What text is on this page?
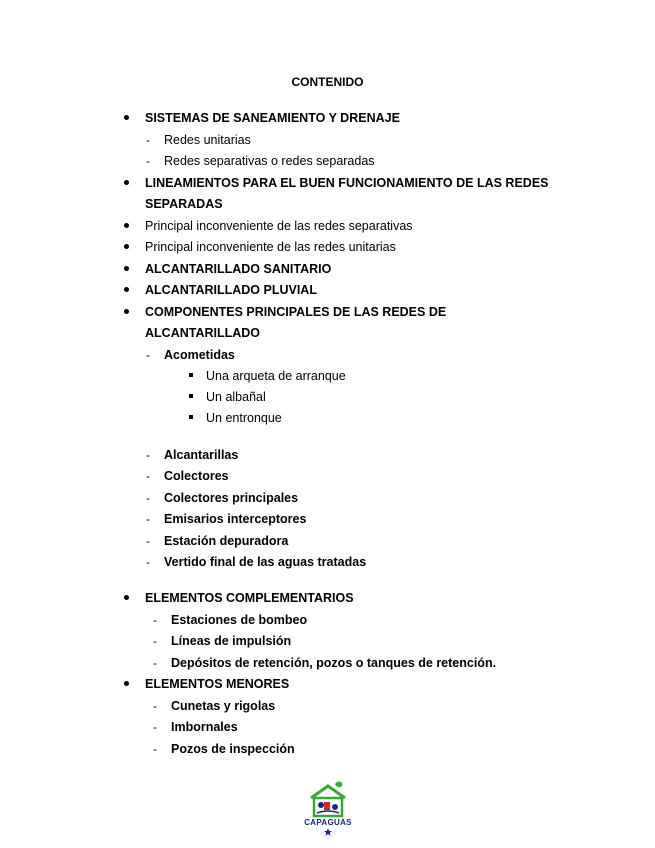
CONTENIDO
SISTEMAS DE SANEAMIENTO Y DRENAJE
- Redes unitarias
- Redes separativas o redes separadas
LINEAMIENTOS PARA EL BUEN FUNCIONAMIENTO DE LAS REDES
SEPARADAS
Principal inconveniente de las redes separativas
Principal inconveniente de las redes unitarias
ALCANTARILLADO SANITARIO
ALCANTARILLADO PLUVIAL
COMPONENTES PRINCIPALES DE LAS REDES DE
ALCANTARILLADO
- Acometidas
Una arqueta de arranque
Un albañal
Un entronque
- Alcantarillas
- Colectores
- Colectores principales
- Emisarios interceptores
- Estación depuradora
- Vertido final de las aguas tratadas
ELEMENTOS COMPLEMENTARIOS
- Estaciones de bombeo
- Líneas de impulsión
- Depósitos de retención, pozos o tanques de retención.
ELEMENTOS MENORES
- Cunetas y rigolas
- Imbornales
- Pozos de inspección
CAPAGUAS
